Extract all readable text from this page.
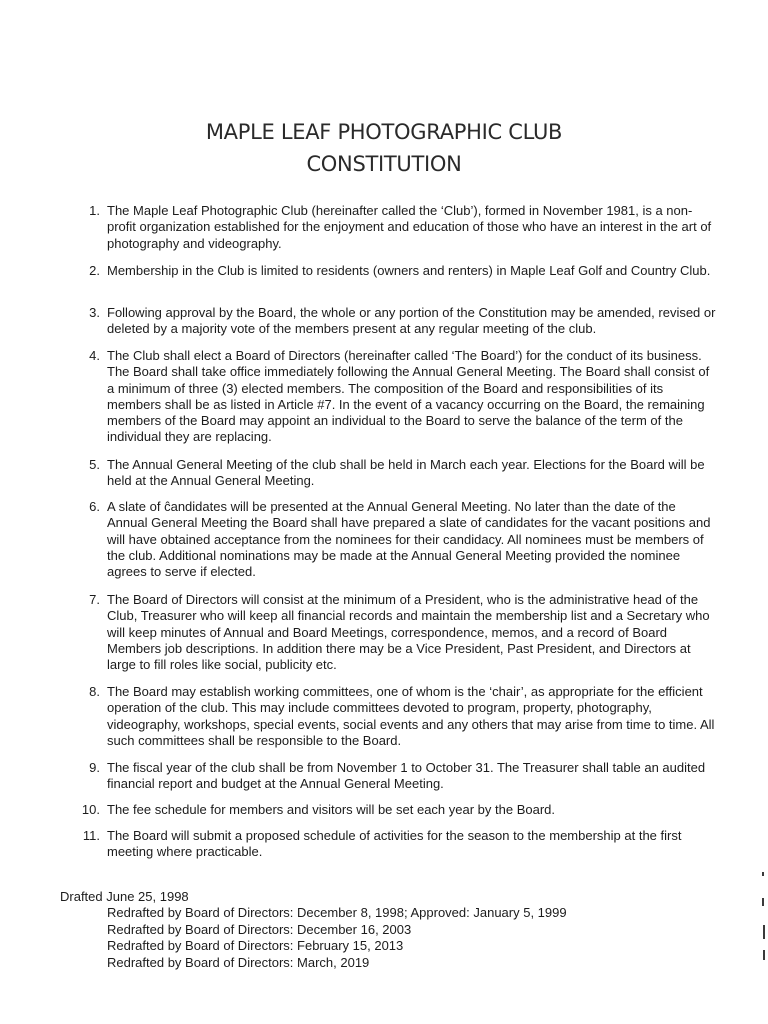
MAPLE LEAF PHOTOGRAPHIC CLUB
CONSTITUTION
1. The Maple Leaf Photographic Club (hereinafter called the ‘Club’), formed in November 1981, is a non-profit organization established for the enjoyment and education of those who have an interest in the art of photography and videography.
2. Membership in the Club is limited to residents (owners and renters) in Maple Leaf Golf and Country Club.
3. Following approval by the Board, the whole or any portion of the Constitution may be amended, revised or deleted by a majority vote of the members present at any regular meeting of the club.
4. The Club shall elect a Board of Directors (hereinafter called ‘The Board’) for the conduct of its business. The Board shall take office immediately following the Annual General Meeting. The Board shall consist of a minimum of three (3) elected members. The composition of the Board and responsibilities of its members shall be as listed in Article #7. In the event of a vacancy occurring on the Board, the remaining members of the Board may appoint an individual to the Board to serve the balance of the term of the individual they are replacing.
5. The Annual General Meeting of the club shall be held in March each year. Elections for the Board will be held at the Annual General Meeting.
6. A slate of ĉandidates will be presented at the Annual General Meeting. No later than the date of the Annual General Meeting the Board shall have prepared a slate of candidates for the vacant positions and will have obtained acceptance from the nominees for their candidacy. All nominees must be members of the club. Additional nominations may be made at the Annual General Meeting provided the nominee agrees to serve if elected.
7. The Board of Directors will consist at the minimum of a President, who is the administrative head of the Club, Treasurer who will keep all financial records and maintain the membership list and a Secretary who will keep minutes of Annual and Board Meetings, correspondence, memos, and a record of Board Members job descriptions. In addition there may be a Vice President, Past President, and Directors at large to fill roles like social, publicity etc.
8. The Board may establish working committees, one of whom is the ‘chair’, as appropriate for the efficient operation of the club. This may include committees devoted to program, property, photography, videography, workshops, special events, social events and any others that may arise from time to time. All such committees shall be responsible to the Board.
9. The fiscal year of the club shall be from November 1 to October 31. The Treasurer shall table an audited financial report and budget at the Annual General Meeting.
10. The fee schedule for members and visitors will be set each year by the Board.
11. The Board will submit a proposed schedule of activities for the season to the membership at the first meeting where practicable.
Drafted June 25, 1998
Redrafted by Board of Directors: December 8, 1998; Approved: January 5, 1999
Redrafted by Board of Directors: December 16, 2003
Redrafted by Board of Directors: February 15, 2013
Redrafted by Board of Directors: March, 2019
